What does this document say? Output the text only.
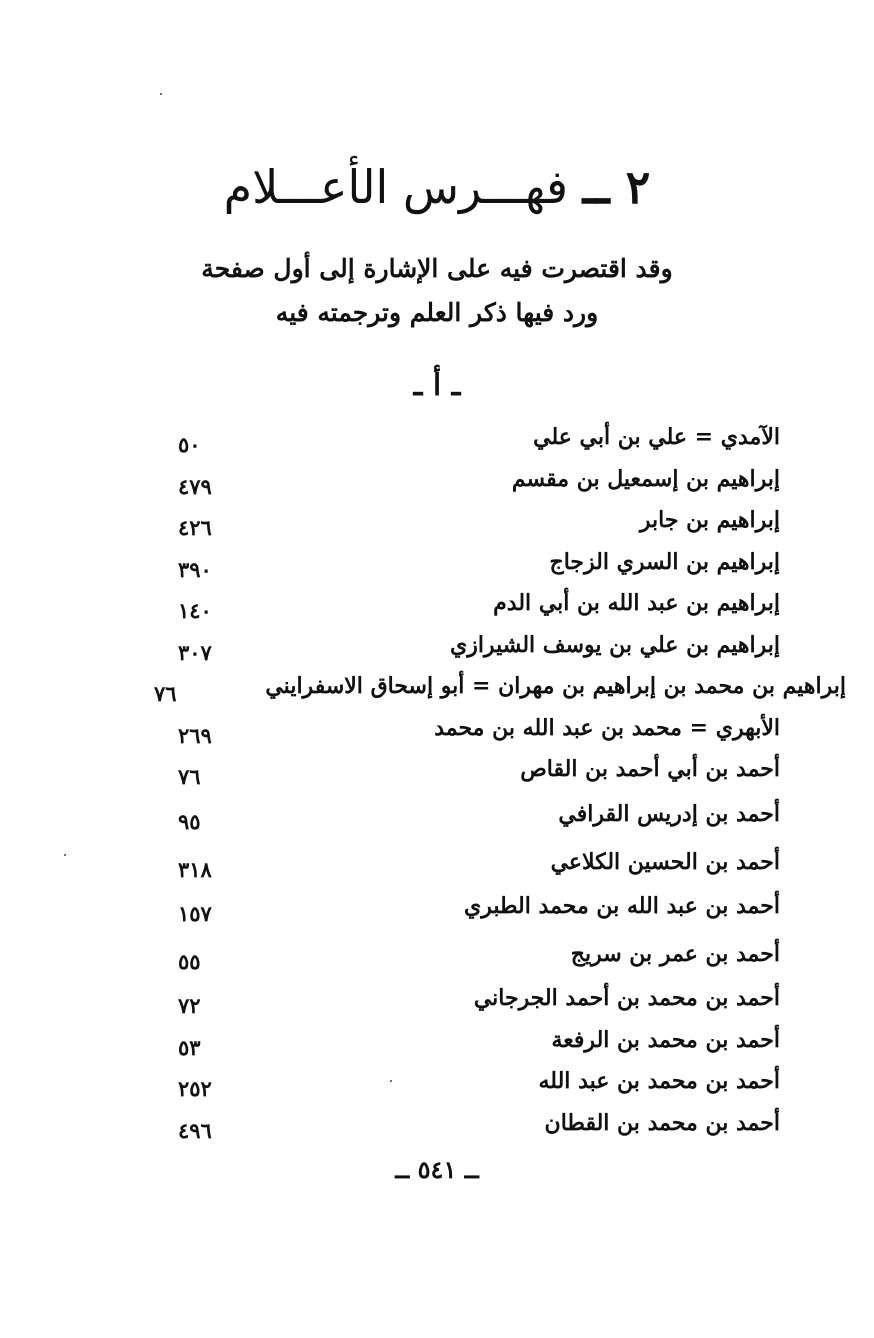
٢ ــ فهـــرس الأعـــلام
وقد اقتصرت فيه على الإشارة إلى أول صفحة
ورد فيها ذكر العلم وترجمته فيه
ـ أ ـ
الآمدي = علي بن أبي علي
٥٠
إبراهيم بن إسمعيل بن مقسم
٤٧٩
إبراهيم بن جابر
٤٢٦
إبراهيم بن السري الزجاج
٣٩٠
إبراهيم بن عبد الله بن أبي الدم
١٤٠
إبراهيم بن علي بن يوسف الشيرازي
٣٠٧
إبراهيم بن محمد بن إبراهيم بن مهران = أبو إسحاق الاسفرايني
٧٦
الأبهري = محمد بن عبد الله بن محمد
٢٦٩
أحمد بن أبي أحمد بن القاص
٧٦
أحمد بن إدريس القرافي
٩٥
أحمد بن الحسين الكلاعي
٣١٨
أحمد بن عبد الله بن محمد الطبري
١٥٧
أحمد بن عمر بن سريج
٥٥
أحمد بن محمد بن أحمد الجرجاني
٧٢
أحمد بن محمد بن الرفعة
٥٣
أحمد بن محمد بن عبد الله
٢٥٢
أحمد بن محمد بن القطان
٤٩٦
ــ ٥٤١ ــ
